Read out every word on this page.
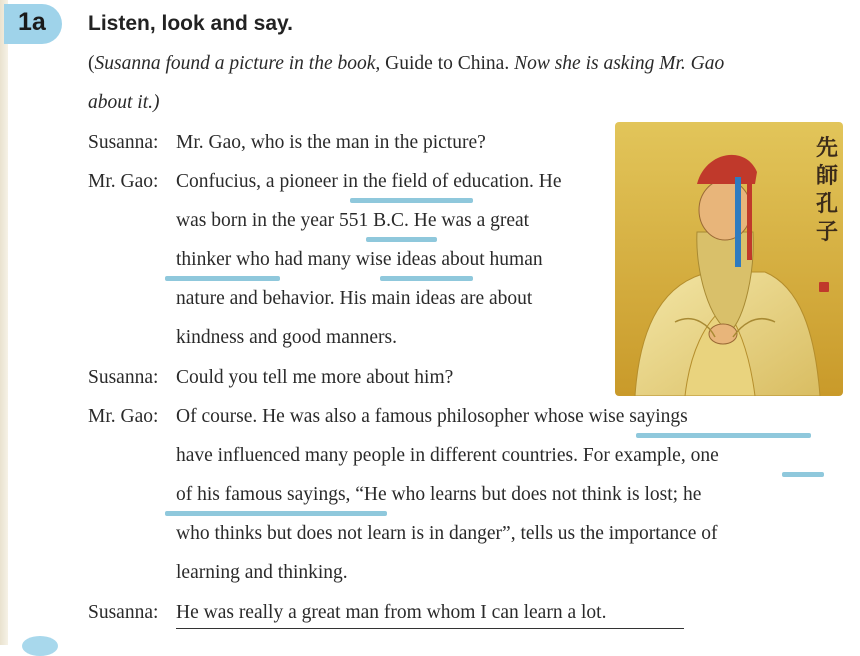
1a Listen, look and say.
(Susanna found a picture in the book, Guide to China. Now she is asking Mr. Gao
about it.)
先
師
孔
子
Susanna: Mr. Gao, who is the man in the picture?
Mr. Gao: Confucius, a pioneer in the field of education. He
was born in the year 551 B.C. He was a great
thinker who had many wise ideas about human
nature and behavior. His main ideas are about
kindness and good manners.
Susanna: Could you tell me more about him?
Mr. Gao: Of course. He was also a famous philosopher whose wise sayings
have influenced many people in different countries. For example, one
of his famous sayings, “He who learns but does not think is lost; he
who thinks but does not learn is in danger”, tells us the importance of
learning and thinking.
Susanna: He was really a great man from whom I can learn a lot.
